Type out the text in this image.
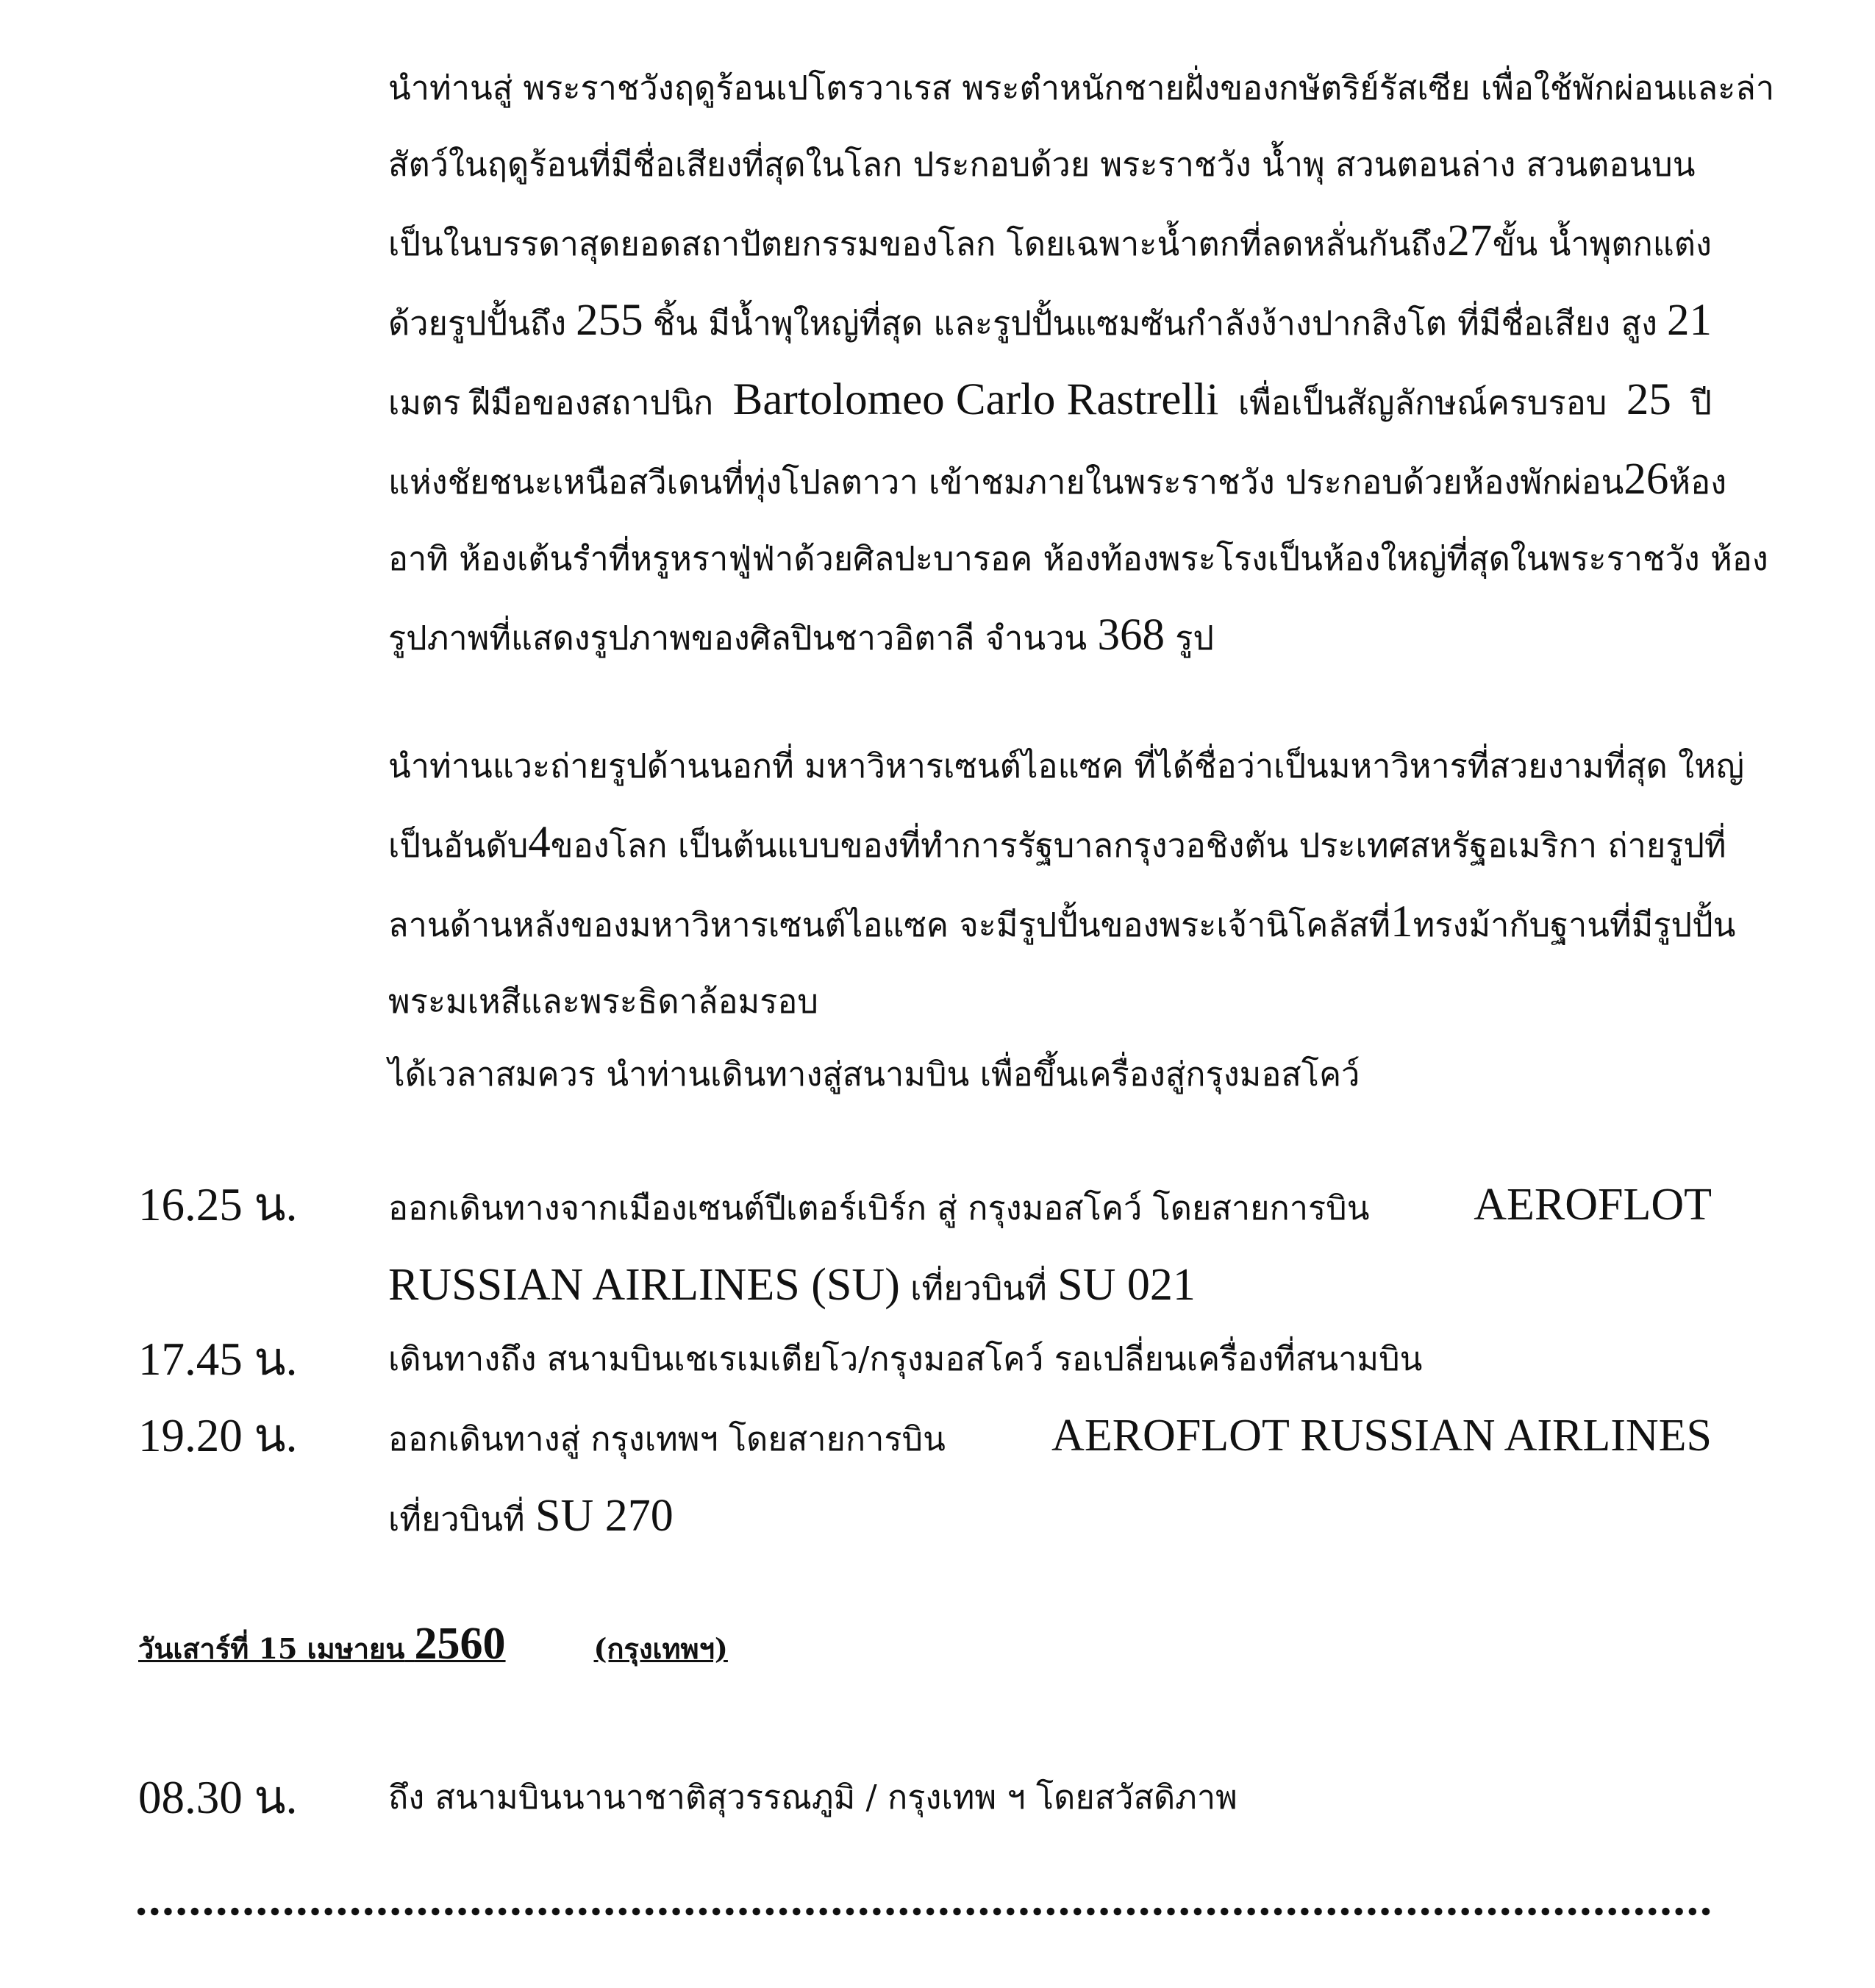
นำท่านสู่ พระราชวังฤดูร้อนเปโตรวาเรส พระตำหนักชายฝั่งของกษัตริย์รัสเซีย เพื่อใช้พักผ่อนและล่า
สัตว์ในฤดูร้อนที่มีชื่อเสียงที่สุดในโลก ประกอบด้วย พระราชวัง น้ำพุ สวนตอนล่าง สวนตอนบน
เป็นในบรรดาสุดยอดสถาปัตยกรรมของโลก โดยเฉพาะน้ำตกที่ลดหลั่นกันถึง 27 ขั้น น้ำพุตกแต่ง
ด้วยรูปปั้นถึง 255 ชิ้น มีน้ำพุใหญ่ที่สุด และรูปปั้นแซมซันกำลังง้างปากสิงโต ที่มีชื่อเสียง สูง 21
เมตร ฝีมือของสถาปนิก Bartolomeo Carlo Rastrelli เพื่อเป็นสัญลักษณ์ครบรอบ 25 ปี
แห่งชัยชนะเหนือสวีเดนที่ทุ่งโปลตาวา เข้าชมภายในพระราชวัง ประกอบด้วยห้องพักผ่อน 26 ห้อง
อาทิ ห้องเต้นรำที่หรูหราฟู่ฟ่าด้วยศิลปะบารอค ห้องท้องพระโรงเป็นห้องใหญ่ที่สุดในพระราชวัง ห้อง
รูปภาพที่แสดงรูปภาพของศิลปินชาวอิตาลี จำนวน 368 รูป
นำท่านแวะถ่ายรูปด้านนอกที่ มหาวิหารเซนต์ไอแซค ที่ได้ชื่อว่าเป็นมหาวิหารที่สวยงามที่สุด ใหญ่
เป็นอันดับ 4 ของโลก เป็นต้นแบบของที่ทำการรัฐบาลกรุงวอชิงตัน ประเทศสหรัฐอเมริกา ถ่ายรูปที่
ลานด้านหลังของมหาวิหารเซนต์ไอแซค จะมีรูปปั้นของพระเจ้านิโคลัสที่ 1ทรงม้ากับฐานที่มีรูปปั้น
พระมเหสีและพระธิดาล้อมรอบ
ได้เวลาสมควร นำท่านเดินทางสู่สนามบิน เพื่อขึ้นเครื่องสู่กรุงมอสโคว์
16.25 น.	ออกเดินทางจากเมืองเซนต์ปีเตอร์เบิร์ก สู่ กรุงมอสโคว์ โดยสายการบิน AEROFLOT
RUSSIAN AIRLINES (SU) เที่ยวบินที่ SU 021
17.45 น.	เดินทางถึง สนามบินเชเรเมเตียโว/กรุงมอสโคว์ รอเปลี่ยนเครื่องที่สนามบิน
19.20 น.	ออกเดินทางสู่ กรุงเทพฯ โดยสายการบิน AEROFLOT RUSSIAN AIRLINES
เที่ยวบินที่ SU 270
วันเสาร์ที่ 15 เมษายน 2560	(กรุงเทพฯ)
08.30 น.	ถึง สนามบินนานาชาติสุวรรณภูมิ / กรุงเทพ ฯ โดยสวัสดิภาพ
